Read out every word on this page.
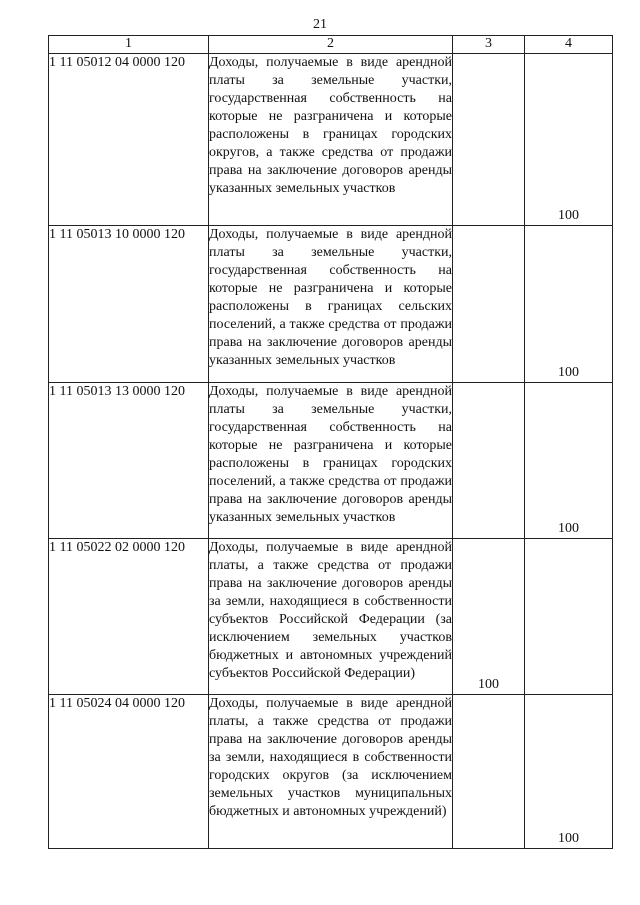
21
1	2	3	4
1 11 05012 04 0000 120	Доходы, получаемые в виде арендной платы за земельные участки, государственная собственность на которые не разграничена и которые расположены в границах городских округов, а также средства от продажи права на заключение договоров аренды указанных земельных участков		100

1 11 05013 10 0000 120	Доходы, получаемые в виде арендной платы за земельные участки, государственная собственность на которые не разграничена и которые расположены в границах сельских поселений, а также средства от продажи права на заключение договоров аренды указанных земельных участков		100

1 11 05013 13 0000 120	Доходы, получаемые в виде арендной платы за земельные участки, государственная собственность на которые не разграничена и которые расположены в границах городских поселений, а также средства от продажи права на заключение договоров аренды указанных земельных участков		100

1 11 05022 02 0000 120	Доходы, получаемые в виде арендной платы, а также средства от продажи права на заключение договоров аренды за земли, находящиеся в собственности субъектов Российской Федерации (за исключением земельных участков бюджетных и автономных учреждений субъектов Российской Федерации)	100	

1 11 05024 04 0000 120	Доходы, получаемые в виде арендной платы, а также средства от продажи права на заключение договоров аренды за земли, находящиеся в собственности городских округов (за исключением земельных участков муниципальных бюджетных и автономных учреждений)		100
